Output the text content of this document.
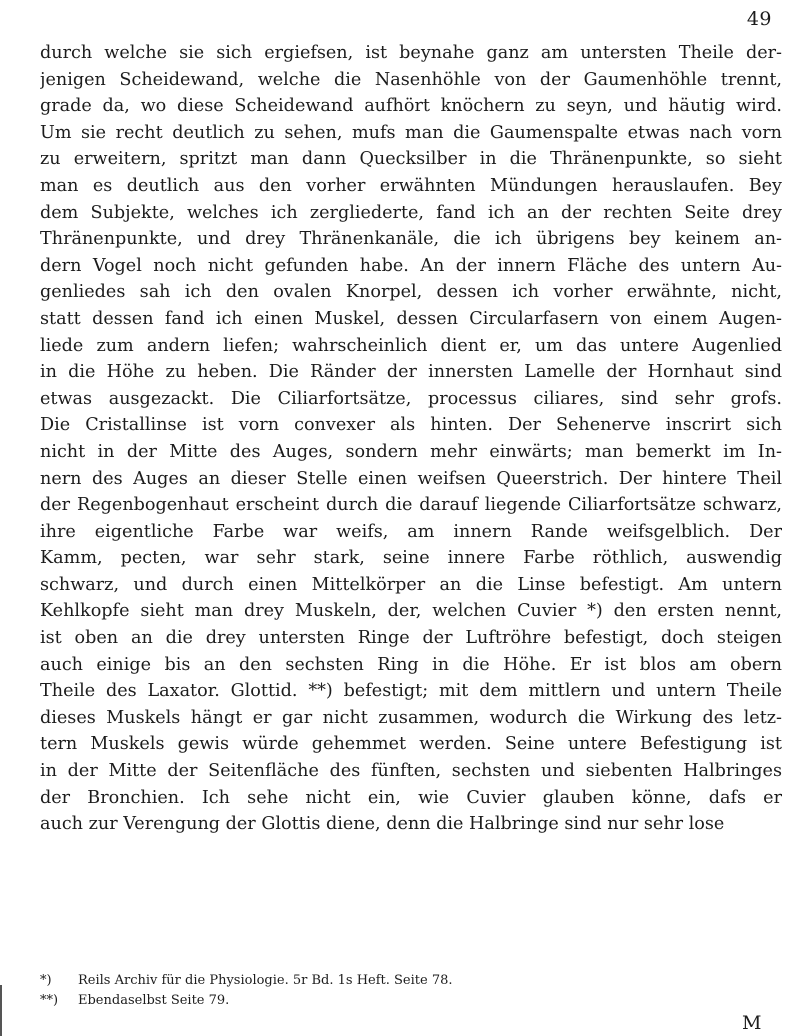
49
durch welche sie sich ergiefsen, ist beynahe ganz am untersten Theile der-
jenigen Scheidewand, welche die Nasenhöhle von der Gaumenhöhle trennt,
grade da, wo diese Scheidewand aufhört knöchern zu seyn, und häutig wird.
Um sie recht deutlich zu sehen, mufs man die Gaumenspalte etwas nach vorn
zu erweitern, spritzt man dann Quecksilber in die Thränenpunkte, so sieht
man es deutlich aus den vorher erwähnten Mündungen herauslaufen. Bey
dem Subjekte, welches ich zergliederte, fand ich an der rechten Seite drey
Thränenpunkte, und drey Thränenkanäle, die ich übrigens bey keinem an-
dern Vogel noch nicht gefunden habe. An der innern Fläche des untern Au-
genliedes sah ich den ovalen Knorpel, dessen ich vorher erwähnte, nicht,
statt dessen fand ich einen Muskel, dessen Circularfasern von einem Augen-
liede zum andern liefen; wahrscheinlich dient er, um das untere Augenlied
in die Höhe zu heben. Die Ränder der innersten Lamelle der Hornhaut sind
etwas ausgezackt. Die Ciliarfortsätze, processus ciliares, sind sehr grofs.
Die Cristallinse ist vorn convexer als hinten. Der Sehenerve inscrirt sich
nicht in der Mitte des Auges, sondern mehr einwärts; man bemerkt im In-
nern des Auges an dieser Stelle einen weifsen Queerstrich. Der hintere Theil
der Regenbogenhaut erscheint durch die darauf liegende Ciliarfortsätze schwarz,
ihre eigentliche Farbe war weifs, am innern Rande weifsgelblich. Der
Kamm, pecten, war sehr stark, seine innere Farbe röthlich, auswendig
schwarz, und durch einen Mittelkörper an die Linse befestigt. Am untern
Kehlkopfe sieht man drey Muskeln, der, welchen Cuvier *) den ersten nennt,
ist oben an die drey untersten Ringe der Luftröhre befestigt, doch steigen
auch einige bis an den sechsten Ring in die Höhe. Er ist blos am obern
Theile des Laxator. Glottid. **) befestigt; mit dem mittlern und untern Theile
dieses Muskels hängt er gar nicht zusammen, wodurch die Wirkung des letz-
tern Muskels gewis würde gehemmet werden. Seine untere Befestigung ist
in der Mitte der Seitenfläche des fünften, sechsten und siebenten Halbringes
der Bronchien. Ich sehe nicht ein, wie Cuvier glauben könne, dafs er
auch zur Verengung der Glottis diene, denn die Halbringe sind nur sehr lose
*) Reils Archiv für die Physiologie. 5r Bd. 1s Heft. Seite 78.
**) Ebendaselbst Seite 79.
M
